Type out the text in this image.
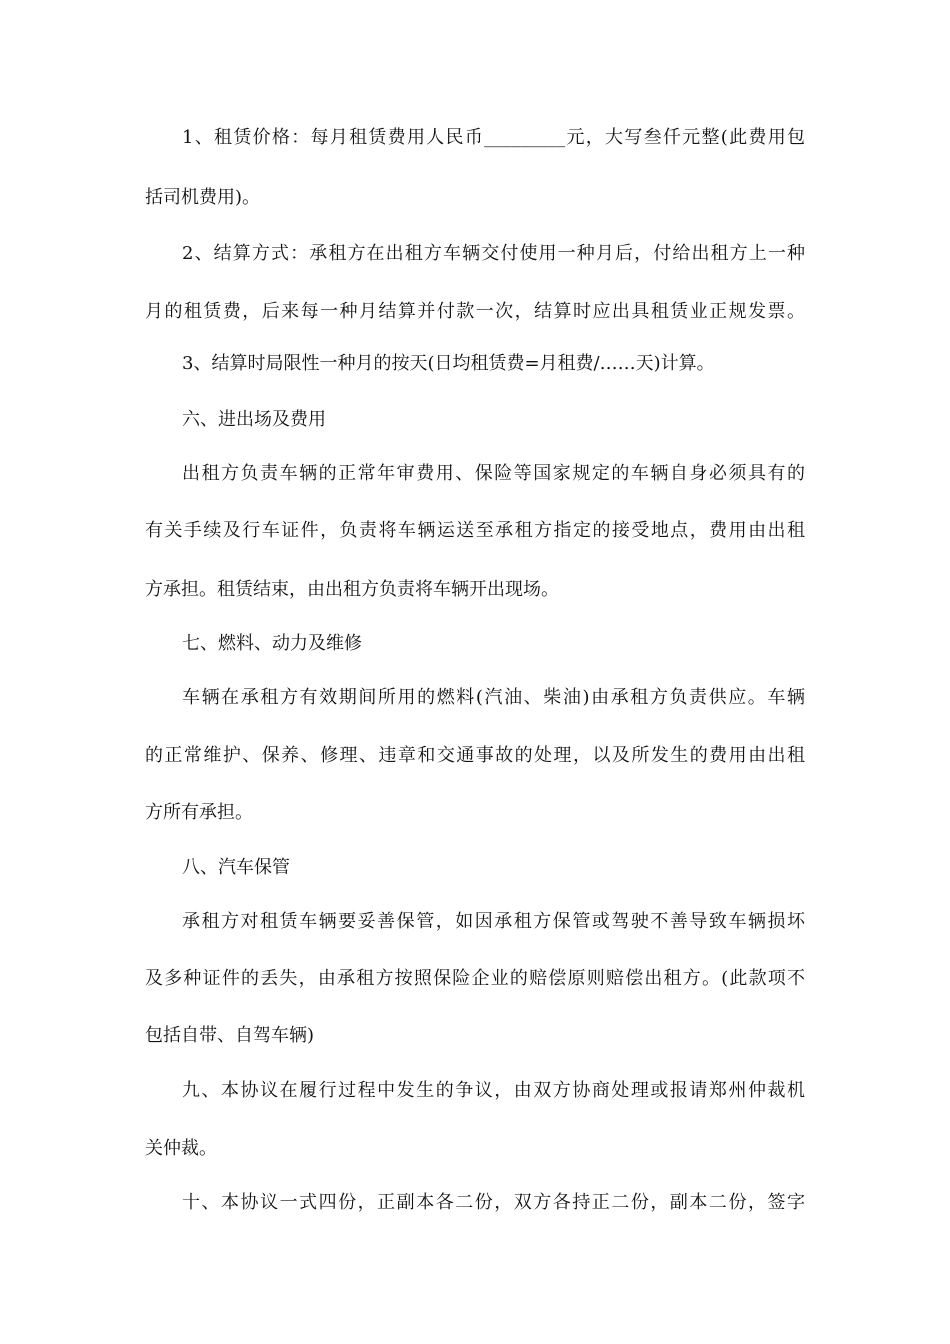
1、租赁价格：每月租赁费用人民币_________元，大写叁仟元整(此费用包
括司机费用)。
2、结算方式：承租方在出租方车辆交付使用一种月后，付给出租方上一种
月的租赁费，后来每一种月结算并付款一次，结算时应出具租赁业正规发票。
3、结算时局限性一种月的按天(日均租赁费=月租费/……天)计算。
六、进出场及费用
出租方负责车辆的正常年审费用、保险等国家规定的车辆自身必须具有的
有关手续及行车证件，负责将车辆运送至承租方指定的接受地点，费用由出租
方承担。租赁结束，由出租方负责将车辆开出现场。
七、燃料、动力及维修
车辆在承租方有效期间所用的燃料(汽油、柴油)由承租方负责供应。车辆
的正常维护、保养、修理、违章和交通事故的处理，以及所发生的费用由出租
方所有承担。
八、汽车保管
承租方对租赁车辆要妥善保管，如因承租方保管或驾驶不善导致车辆损坏
及多种证件的丢失，由承租方按照保险企业的赔偿原则赔偿出租方。(此款项不
包括自带、自驾车辆)
九、本协议在履行过程中发生的争议，由双方协商处理或报请郑州仲裁机
关仲裁。
十、本协议一式四份，正副本各二份，双方各持正二份，副本二份，签字
